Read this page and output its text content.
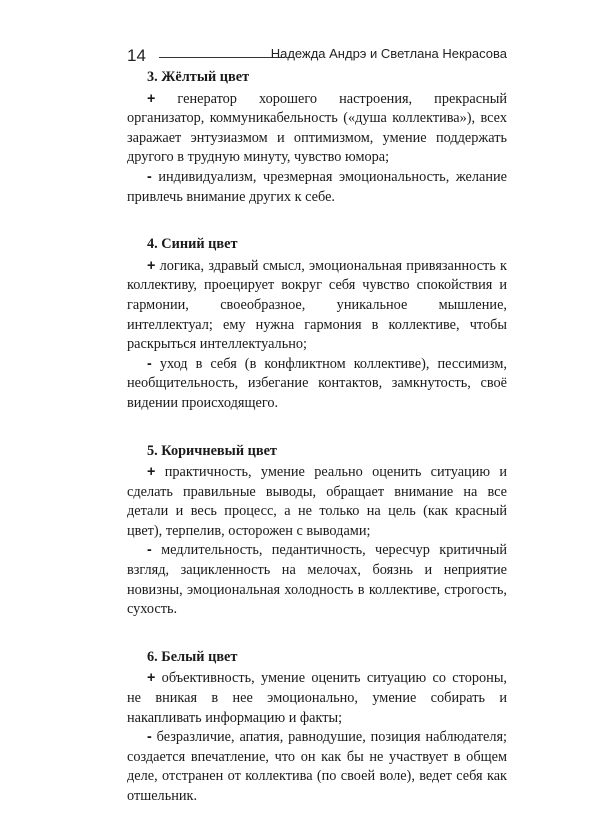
14	Надежда Андрэ и Светлана Некрасова
3. Жёлтый цвет

+ генератор хорошего настроения, прекрасный организатор, коммуникабельность («душа коллектива»), всех заражает энтузиазмом и оптимизмом, умение поддержать другого в трудную минуту, чувство юмора;

- индивидуализм, чрезмерная эмоциональность, желание привлечь внимание других к себе.

4. Синий цвет

+ логика, здравый смысл, эмоциональная привязанность к коллективу, проецирует вокруг себя чувство спокойствия и гармонии, своеобразное, уникальное мышление, интеллектуал; ему нужна гармония в коллективе, чтобы раскрыться интеллектуально;

- уход в себя (в конфликтном коллективе), пессимизм, необщительность, избегание контактов, замкнутость, своё видении происходящего.

5. Коричневый цвет

+ практичность, умение реально оценить ситуацию и сделать правильные выводы, обращает внимание на все детали и весь процесс, а не только на цель (как красный цвет), терпелив, осторожен с выводами;

- медлительность, педантичность, чересчур критичный взгляд, зацикленность на мелочах, боязнь и неприятие новизны, эмоциональная холодность в коллективе, строгость, сухость.

6. Белый цвет

+ объективность, умение оценить ситуацию со стороны, не вникая в нее эмоционально, умение собирать и накапливать информацию и факты;

- безразличие, апатия, равнодушие, позиция наблюдателя; создается впечатление, что он как бы не участвует в общем деле, отстранен от коллектива (по своей воле), ведет себя как отшельник.
